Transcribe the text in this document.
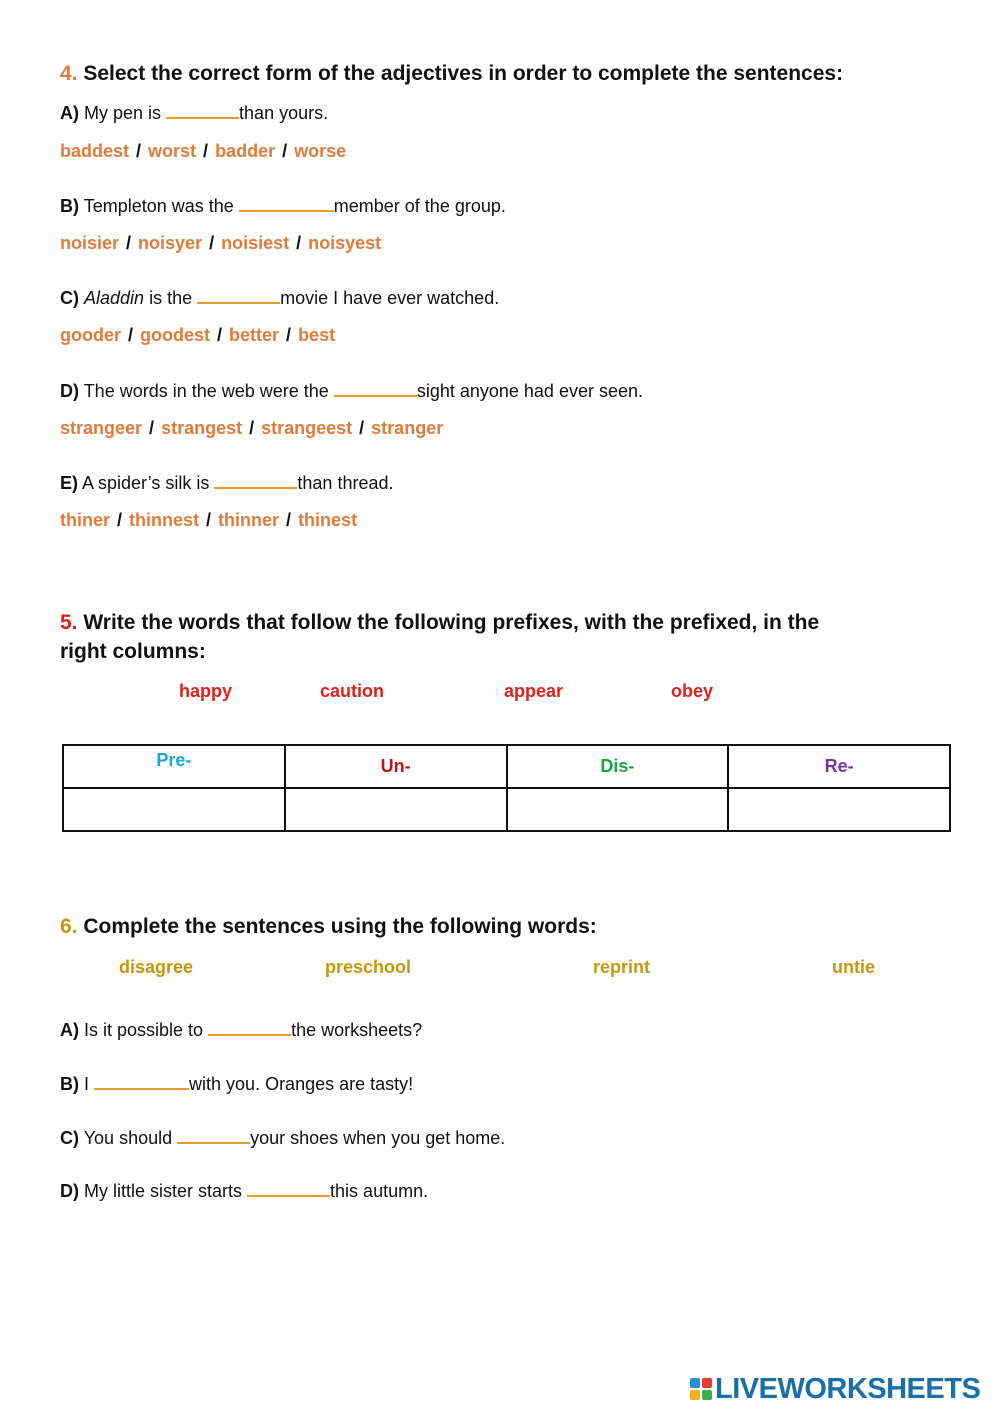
4. Select the correct form of the adjectives in order to complete the sentences:
A) My pen is	than yours.
baddest / worst / badder / worse
B) Templeton was the	member of the group.
noisier / noisyer / noisiest / noisyest
C) Aladdin is the	movie I have ever watched.
gooder / goodest / better / best
D) The words in the web were the	sight anyone had ever seen.
strangeer / strangest / strangeest / stranger
E) A spider’s silk is	than thread.
thiner / thinnest / thinner / thinest
5. Write the words that follow the following prefixes, with the prefixed, in the
right columns:
happy	caution	appear	obey
Pre-	Un-	Dis-	Re-

6. Complete the sentences using the following words:
disagree	preschool	reprint	untie
A) Is it possible to	the worksheets?
B) I	with you. Oranges are tasty!
C) You should	your shoes when you get home.
D) My little sister starts	this autumn.
LIVEWORKSHEETS
